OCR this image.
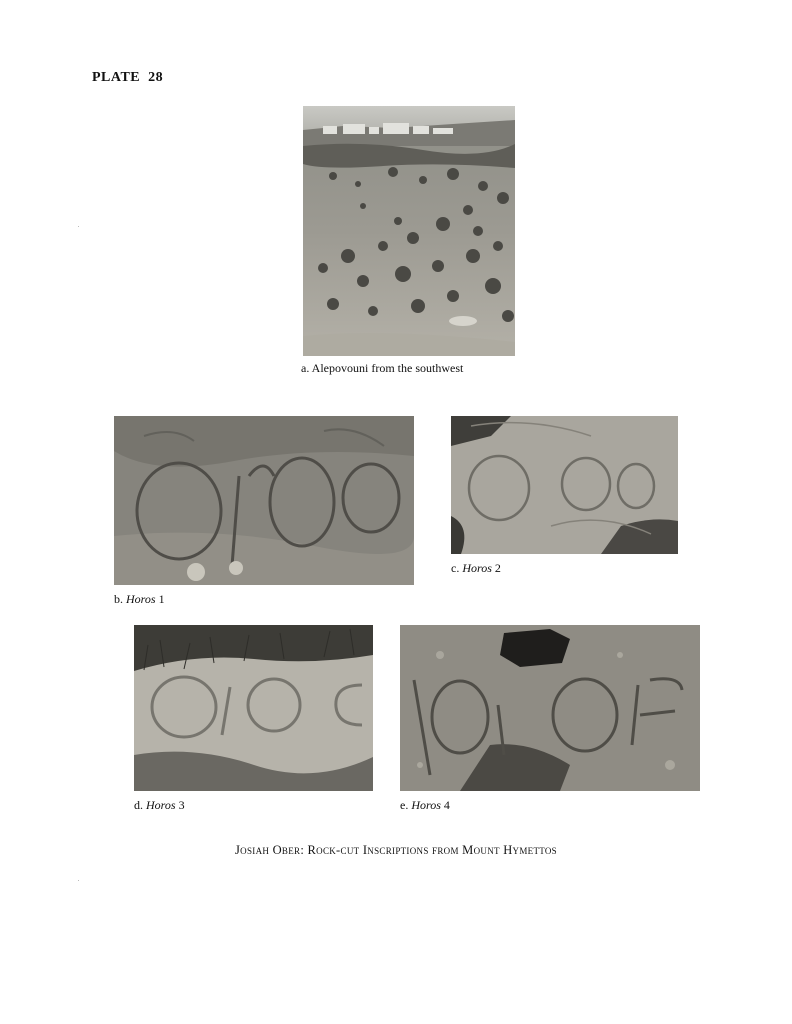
PLATE 28
a. Alepovouni from the southwest
b. Horos 1
c. Horos 2
d. Horos 3	e. Horos 4
Josiah Ober: Rock-cut Inscriptions from Mount Hymettos
